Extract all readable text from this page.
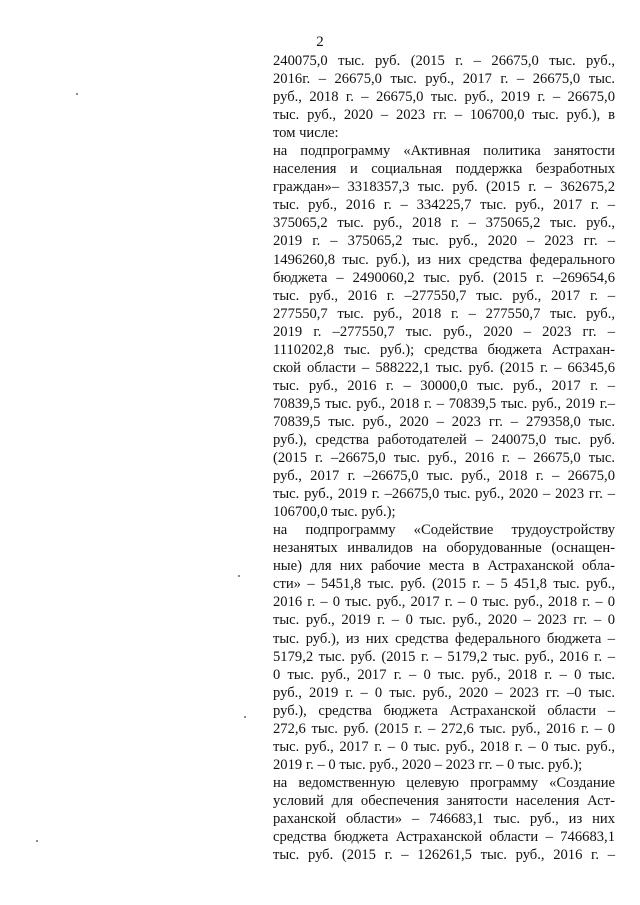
2
240075,0 тыс. руб. (2015 г. – 26675,0 тыс. руб.,
2016г. – 26675,0 тыс. руб., 2017 г. – 26675,0 тыс.
руб., 2018 г. – 26675,0 тыс. руб., 2019 г. – 26675,0
тыс. руб., 2020 – 2023 гг. – 106700,0 тыс. руб.), в
том числе:
на подпрограмму «Активная политика занятости
населения и социальная поддержка безработных
граждан»– 3318357,3 тыс. руб. (2015 г. – 362675,2
тыс. руб., 2016 г. – 334225,7 тыс. руб., 2017 г. –
375065,2 тыс. руб., 2018 г. – 375065,2 тыс. руб.,
2019 г. – 375065,2 тыс. руб., 2020 – 2023 гг. –
1496260,8 тыс. руб.), из них средства федерального
бюджета – 2490060,2 тыс. руб. (2015 г. –269654,6
тыс. руб., 2016 г. –277550,7 тыс. руб., 2017 г. –
277550,7 тыс. руб., 2018 г. – 277550,7 тыс. руб.,
2019 г. –277550,7 тыс. руб., 2020 – 2023 гг. –
1110202,8 тыс. руб.); средства бюджета Астрахан-
ской области – 588222,1 тыс. руб. (2015 г. – 66345,6
тыс. руб., 2016 г. – 30000,0 тыс. руб., 2017 г. –
70839,5 тыс. руб., 2018 г. – 70839,5 тыс. руб., 2019 г.–
70839,5 тыс. руб., 2020 – 2023 гг. – 279358,0 тыс.
руб.), средства работодателей – 240075,0 тыс. руб.
(2015 г. –26675,0 тыс. руб., 2016 г. – 26675,0 тыс.
руб., 2017 г. –26675,0 тыс. руб., 2018 г. – 26675,0
тыс. руб., 2019 г. –26675,0 тыс. руб., 2020 – 2023 гг. –
106700,0 тыс. руб.);
на подпрограмму «Содействие трудоустройству
незанятых инвалидов на оборудованные (оснащен-
ные) для них рабочие места в Астраханской обла-
сти» – 5451,8 тыс. руб. (2015 г. – 5 451,8 тыс. руб.,
2016 г. – 0 тыс. руб., 2017 г. – 0 тыс. руб., 2018 г. – 0
тыс. руб., 2019 г. – 0 тыс. руб., 2020 – 2023 гг. – 0
тыс. руб.), из них средства федерального бюджета –
5179,2 тыс. руб. (2015 г. – 5179,2 тыс. руб., 2016 г. –
0 тыс. руб., 2017 г. – 0 тыс. руб., 2018 г. – 0 тыс.
руб., 2019 г. – 0 тыс. руб., 2020 – 2023 гг. –0 тыс.
руб.), средства бюджета Астраханской области –
272,6 тыс. руб. (2015 г. – 272,6 тыс. руб., 2016 г. – 0
тыс. руб., 2017 г. – 0 тыс. руб., 2018 г. – 0 тыс. руб.,
2019 г. – 0 тыс. руб., 2020 – 2023 гг. – 0 тыс. руб.);
на ведомственную целевую программу «Создание
условий для обеспечения занятости населения Аст-
раханской области» – 746683,1 тыс. руб., из них
средства бюджета Астраханской области – 746683,1
тыс. руб. (2015 г. – 126261,5 тыс. руб., 2016 г. –
